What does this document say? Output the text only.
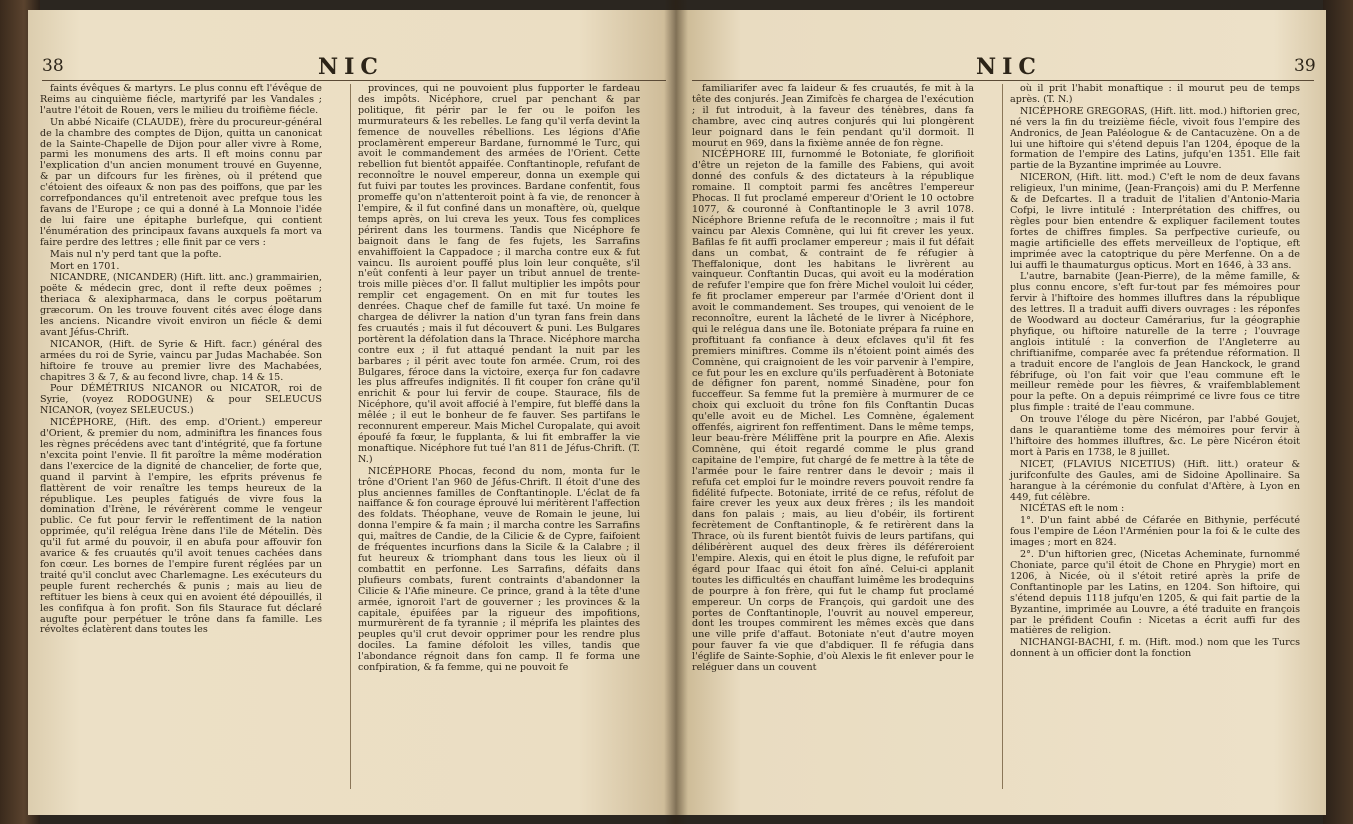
38	NIC

faints évêques & martyrs. Le plus connu eft l'évêque de Reims au cinquième fiécle, martyrifé par les Vandales ; l'autre l'étoit de Rouen, vers le milieu du troifième fiécle.

Un abbé Nicaife (CLAUDE), frère du procureur-général de la chambre des comptes de Dijon, quitta un canonicat de la Sainte-Chapelle de Dijon pour aller vivre à Rome, parmi les monumens des arts. Il eft moins connu par l'explication d'un ancien monument trouvé en Guyenne, & par un difcours fur les firènes, où il prétend que c'étoient des oifeaux & non pas des poiffons, que par les correfpondances qu'il entretenoit avec prefque tous les favans de l'Europe ; ce qui a donné à La Monnoie l'idée de lui faire une épitaphe burlefque, qui contient l'énumération des principaux favans auxquels fa mort va faire perdre des lettres ; elle finit par ce vers :

Mais nul n'y perd tant que la pofte.

Mort en 1701.

NICANDRE, (NICANDER) (Hift. litt. anc.) grammairien, poëte & médecin grec, dont il refte deux poëmes ; theriaca & alexipharmaca, dans le corpus poëtarum græcorum. On les trouve fouvent cités avec éloge dans les anciens. Nicandre vivoit environ un fiécle & demi avant Jéfus-Chrift.

NICANOR, (Hift. de Syrie & Hift. facr.) général des armées du roi de Syrie, vaincu par Judas Machabée. Son hiftoire fe trouve au premier livre des Machabées, chapitres 3 & 7, & au fecond livre, chap. 14 & 15.

Pour DÉMÉTRIUS NICANOR ou NICATOR, roi de Syrie, (voyez RODOGUNE) & pour SELEUCUS NICANOR, (voyez SELEUCUS.)

NICÉPHORE, (Hift. des emp. d'Orient.) empereur d'Orient, & premier du nom, adminiftra les finances fous les règnes précédens avec tant d'intégrité, que fa fortune n'excita point l'envie. Il fit paroître la même modération dans l'exercice de la dignité de chancelier, de forte que, quand il parvint à l'empire, les efprits prévenus fe flattèrent de voir renaître les temps heureux de la république. Les peuples fatigués de vivre fous la domination d'Irène, le révérèrent comme le vengeur public. Ce fut pour fervir le reffentiment de la nation opprimée, qu'il relégua Irène dans l'ile de Mételin. Dès qu'il fut armé du pouvoir, il en abufa pour affouvir fon avarice & fes cruautés qu'il avoit tenues cachées dans fon cœur. Les bornes de l'empire furent réglées par un traité qu'il conclut avec Charlemagne. Les exécuteurs du peuple furent recherchés & punis ; mais au lieu de reftituer les biens à ceux qui en avoient été dépouillés, il les confifqua à fon profit. Son fils Staurace fut déclaré augufte pour perpétuer le trône dans fa famille. Les révoltes éclatèrent dans toutes les

provinces, qui ne pouvoient plus fupporter le fardeau des impôts. Nicéphore, cruel par penchant & par politique, fit périr par le fer ou le poifon les murmurateurs & les rebelles. Le fang qu'il verfa devint la femence de nouvelles rébellions. Les légions d'Afie proclamèrent empereur Bardane, furnommé le Turc, qui avoit le commandement des armées de l'Orient. Cette rebellion fut bientôt appaifée. Conftantinople, refufant de reconnoître le nouvel empereur, donna un exemple qui fut fuivi par toutes les provinces. Bardane confentit, fous promeffe qu'on n'attenteroit point à fa vie, de renoncer à l'empire, & il fut confiné dans un monaftère, où, quelque temps après, on lui creva les yeux. Tous fes complices périrent dans les tourmens. Tandis que Nicéphore fe baignoit dans le fang de fes fujets, les Sarrafins envahiffoient la Cappadoce ; il marcha contre eux & fut vaincu. Ils auroient pouffé plus loin leur conquête, s'il n'eût confenti à leur payer un tribut annuel de trente-trois mille pièces d'or. Il fallut multiplier les impôts pour remplir cet engagement. On en mit fur toutes les denrées. Chaque chef de famille fut taxé. Un moine fe chargea de délivrer la nation d'un tyran fans frein dans fes cruautés ; mais il fut découvert & puni. Les Bulgares portèrent la défolation dans la Thrace. Nicéphore marcha contre eux ; il fut attaqué pendant la nuit par les barbares ; il périt avec toute fon armée. Crum, roi des Bulgares, féroce dans la victoire, exerça fur fon cadavre les plus affreufes indignités. Il fit couper fon crâne qu'il enrichit & pour lui fervir de coupe. Staurace, fils de Nicéphore, qu'il avoit affocié à l'empire, fut bleffé dans la mêlée ; il eut le bonheur de fe fauver. Ses partifans le reconnurent empereur. Mais Michel Curopalate, qui avoit époufé fa fœur, le fupplanta, & lui fit embraffer la vie monaftique. Nicéphore fut tué l'an 811 de Jéfus-Chrift. (T. N.)

NICÉPHORE Phocas, fecond du nom, monta fur le trône d'Orient l'an 960 de Jéfus-Chrift. Il étoit d'une des plus anciennes familles de Conftantinople. L'éclat de fa naiffance & fon courage éprouvé lui méritèrent l'affection des foldats. Théophane, veuve de Romain le jeune, lui donna l'empire & fa main ; il marcha contre les Sarrafins qui, maîtres de Candie, de la Cilicie & de Cypre, faifoient de fréquentes incurfions dans la Sicile & la Calabre ; il fut heureux & triomphant dans tous les lieux où il combattit en perfonne. Les Sarrafins, défaits dans plufieurs combats, furent contraints d'abandonner la Cilicie & l'Afie mineure. Ce prince, grand à la tête d'une armée, ignoroit l'art de gouverner ; les provinces & la capitale, épuifées par la rigueur des impofitions, murmurèrent de fa tyrannie ; il méprifa les plaintes des peuples qu'il crut devoir opprimer pour les rendre plus dociles. La famine défoloit les villes, tandis que l'abondance régnoit dans fon camp. Il fe forma une confpiration, & fa femme, qui ne pouvoit fe

NIC	39

familiarifer avec fa laideur & fes cruautés, fe mit à la tête des conjurés. Jean Zimifcès fe chargea de l'exécution ; il fut introduit, à la faveur des ténèbres, dans fa chambre, avec cinq autres conjurés qui lui plongèrent leur poignard dans le fein pendant qu'il dormoit. Il mourut en 969, dans la fixième année de fon règne.

NICÉPHORE III, furnommé le Botoniate, fe glorifioit d'être un rejeton de la famille des Fabiens, qui avoit donné des confuls & des dictateurs à la république romaine. Il comptoit parmi fes ancêtres l'empereur Phocas. Il fut proclamé empereur d'Orient le 10 octobre 1077, & couronné à Conftantinople le 3 avril 1078. Nicéphore Brienne refufa de le reconnoître ; mais il fut vaincu par Alexis Comnène, qui lui fit crever les yeux. Bafilas fe fit auffi proclamer empereur ; mais il fut défait dans un combat, & contraint de fe réfugier à Theffalonique, dont les habitans le livrèrent au vainqueur. Conftantin Ducas, qui avoit eu la modération de refufer l'empire que fon frère Michel vouloit lui céder, fe fit proclamer empereur par l'armée d'Orient dont il avoit le commandement. Ses troupes, qui venoient de le reconnoître, eurent la lâcheté de le livrer à Nicéphore, qui le relégua dans une île. Botoniate prépara fa ruine en proftituant fa confiance à deux efclaves qu'il fit fes premiers miniftres. Comme ils n'étoient point aimés des Comnène, qui craignoient de les voir parvenir à l'empire, ce fut pour les en exclure qu'ils perfuadèrent à Botoniate de défigner fon parent, nommé Sinadène, pour fon fucceffeur. Sa femme fut la première à murmurer de ce choix qui excluoit du trône fon fils Conftantin Ducas qu'elle avoit eu de Michel. Les Comnène, également offenfés, aigrirent fon reffentiment. Dans le même temps, leur beau-frère Méliffène prit la pourpre en Afie. Alexis Comnène, qui étoit regardé comme le plus grand capitaine de l'empire, fut chargé de fe mettre à la tête de l'armée pour le faire rentrer dans le devoir ; mais il refufa cet emploi fur le moindre revers pouvoit rendre fa fidélité fufpecte. Botoniate, irrité de ce refus, réfolut de faire crever les yeux aux deux frères ; ils les mandoit dans fon palais ; mais, au lieu d'obéir, ils fortirent fecrètement de Conftantinople, & fe retirèrent dans la Thrace, où ils furent bientôt fuivis de leurs partifans, qui délibérèrent auquel des deux frères ils déféreroient l'empire. Alexis, qui en étoit le plus digne, le refufoit par égard pour Ifaac qui étoit fon aîné. Celui-ci applanit toutes les difficultés en chauffant luimême les brodequins de pourpre à fon frère, qui fut le champ fut proclamé empereur. Un corps de François, qui gardoit une des portes de Conftantinople, l'ouvrit au nouvel empereur, dont les troupes commirent les mêmes excès que dans une ville prife d'affaut. Botoniate n'eut d'autre moyen pour fauver fa vie que d'abdiquer. Il fe réfugia dans l'églife de Sainte-Sophie, d'où Alexis le fit enlever pour le reléguer dans un couvent

où il prit l'habit monaftique : il mourut peu de temps après. (T. N.)

NICÉPHORE GREGORAS, (Hift. litt. mod.) hiftorien grec, né vers la fin du treizième fiécle, vivoit fous l'empire des Andronics, de Jean Paléologue & de Cantacuzène. On a de lui une hiftoire qui s'étend depuis l'an 1204, époque de la formation de l'empire des Latins, jufqu'en 1351. Elle fait partie de la Byzantine imprimée au Louvre.

NICERON, (Hift. litt. mod.) C'eft le nom de deux favans religieux, l'un minime, (Jean-François) ami du P. Merfenne & de Defcartes. Il a traduit de l'italien d'Antonio-Maria Cofpi, le livre intitulé : Interprétation des chiffres, ou règles pour bien entendre & expliquer facilement toutes fortes de chiffres fimples. Sa perfpective curieufe, ou magie artificielle des effets merveilleux de l'optique, eft imprimée avec la catoptrique du père Merfenne. On a de lui auffi le thaumaturgus opticus. Mort en 1646, à 33 ans.

L'autre, barnabite (Jean-Pierre), de la même famille, & plus connu encore, s'eft fur-tout par fes mémoires pour fervir à l'hiftoire des hommes illuftres dans la république des lettres. Il a traduit auffi divers ouvrages : les réponfes de Woodward au docteur Camérarius, fur la géographie phyfique, ou hiftoire naturelle de la terre ; l'ouvrage anglois intitulé : la converfion de l'Angleterre au chriftianifme, comparée avec fa prétendue réformation. Il a traduit encore de l'anglois de Jean Hanckock, le grand fébrifuge, où l'on fait voir que l'eau commune eft le meilleur remède pour les fièvres, & vraifemblablement pour la pefte. On a depuis réimprimé ce livre fous ce titre plus fimple : traité de l'eau commune.

On trouve l'éloge du père Nicéron, par l'abbé Goujet, dans le quarantième tome des mémoires pour fervir à l'hiftoire des hommes illuftres, &c. Le père Nicéron étoit mort à Paris en 1738, le 8 juillet.

NICET, (FLAVIUS NICETIUS) (Hift. litt.) orateur & jurifconfulte des Gaules, ami de Sidoine Apollinaire. Sa harangue à la cérémonie du confulat d'Aftère, à Lyon en 449, fut célèbre.

NICÉTAS eft le nom :

1°. D'un faint abbé de Céfarée en Bithynie, perfécuté fous l'empire de Léon l'Arménien pour la foi & le culte des images ; mort en 824.

2°. D'un hiftorien grec, (Nicetas Acheminate, furnommé Choniate, parce qu'il étoit de Chone en Phrygie) mort en 1206, à Nicée, où il s'étoit retiré après la prife de Conftantinople par les Latins, en 1204. Son hiftoire, qui s'étend depuis 1118 jufqu'en 1205, & qui fait partie de la Byzantine, imprimée au Louvre, a été traduite en françois par le préfident Coufin : Nicetas a écrit auffi fur des matières de religion.

NICHANGI-BACHI, f. m. (Hift. mod.) nom que les Turcs donnent à un officier dont la fonction
